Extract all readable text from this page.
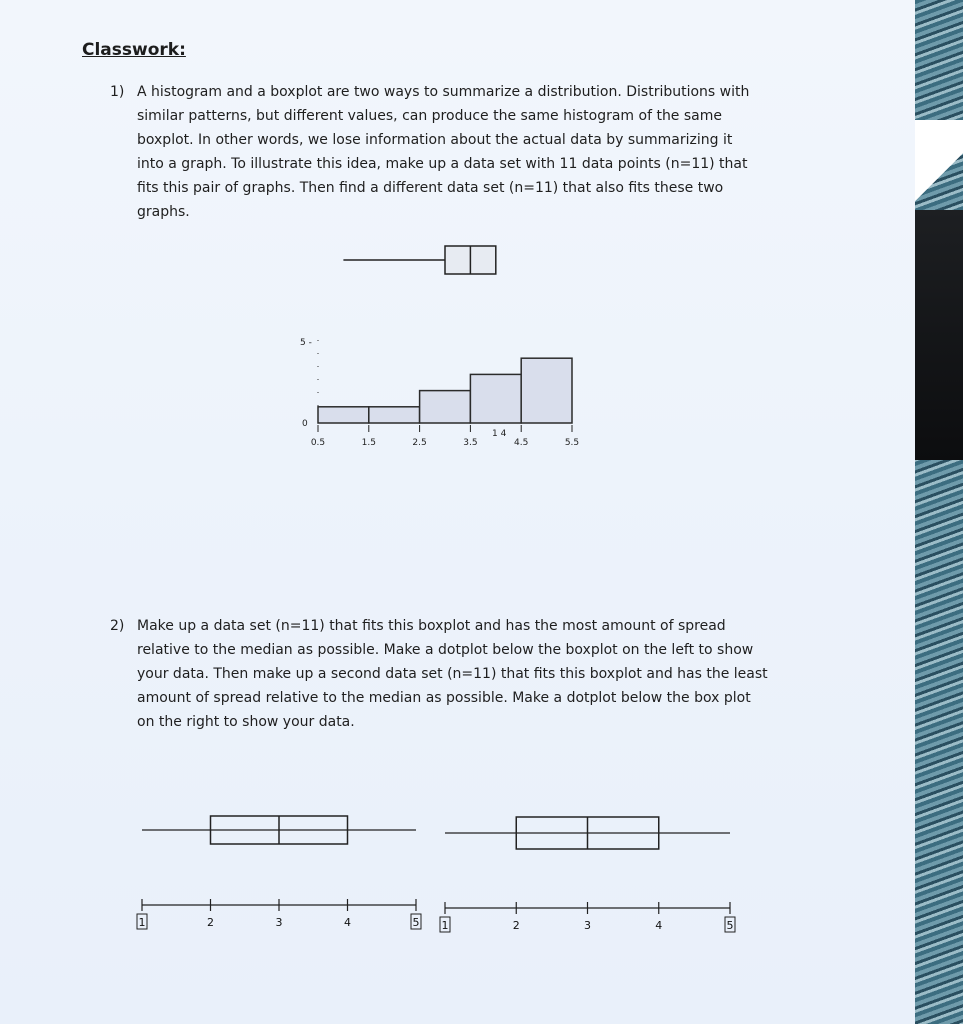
Classwork:
1) A histogram and a boxplot are two ways to summarize a distribution. Distributions with
similar patterns, but different values, can produce the same histogram of the same
boxplot. In other words, we lose information about the actual data by summarizing it
into a graph. To illustrate this idea, make up a data set with 11 data points (n=11) that
fits this pair of graphs. Then find a different data set (n=11) that also fits these two
graphs.
2) Make up a data set (n=11) that fits this boxplot and has the most amount of spread
relative to the median as possible. Make a dotplot below the boxplot on the left to show
your data. Then make up a second data set (n=11) that fits this boxplot and has the least
amount of spread relative to the median as possible. Make a dotplot below the box plot
on the right to show your data.
5 -
0
1 4
0.5	1.5	2.5	3.5	4.5	5.5
1	2	3	4	5 1	2	3	4	5
